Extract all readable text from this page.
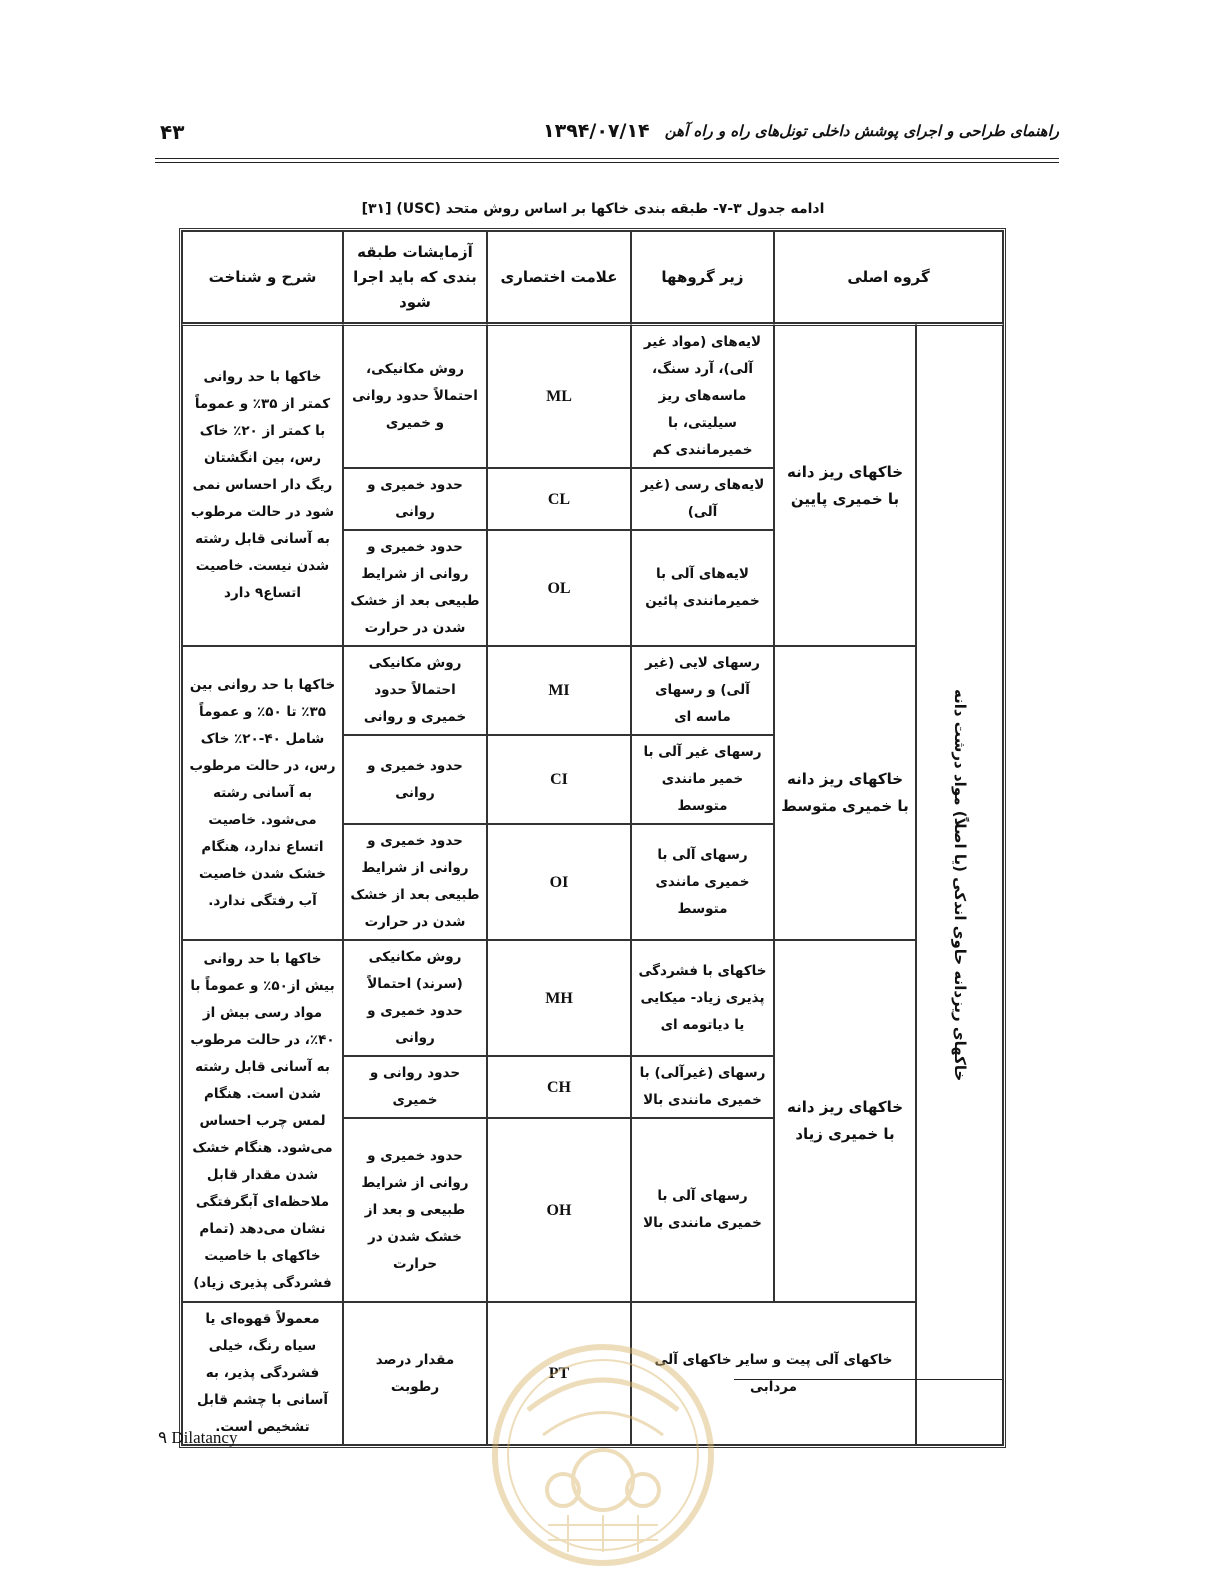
۴۳	۱۳۹۴/۰۷/۱۴ راهنمای طراحی و اجرای پوشش داخلی تونل‌های راه و راه آهن
ادامه جدول ۳-۷- طبقه بندی خاکها بر اساس روش متحد (USC) [۳۱]
گروه اصلی		زیر گروهها	علامت اختصاری	آزمایشات طبقه بندی که باید اجرا شود	شرح و شناخت

خاکهای ریزدانه حاوی اندکی (یا اصلاً) مواد درشت دانه	خاکهای ریز دانه با خمیری پایین	لایه‌های (مواد غیر آلی)، آرد سنگ، ماسه‌های ریز سیلیتی، با خمیرمانندی کم	ML	روش مکانیکی، احتمالاً حدود روانی و خمیری	خاکها با حد روانی کمتر از ۳۵٪ و عموماً با کمتر از ۲۰٪ خاک رس، بین انگشتان ریگ دار احساس نمی شود در حالت مرطوب به آسانی قابل رشته شدن نیست. خاصیت اتساع۹ دارد
		لایه‌های رسی (غیر آلی)	CL	حدود خمیری و روانی	
		لایه‌های آلی با خمیرمانندی پائین	OL	حدود خمیری و روانی از شرایط طبیعی بعد از خشک شدن در حرارت	
	خاکهای ریز دانه با خمیری متوسط	رسهای لایی (غیر آلی) و رسهای ماسه ای	MI	روش مکانیکی احتمالاً حدود خمیری و روانی	خاکها با حد روانی بین ۳۵٪ تا ۵۰٪ و عموماً شامل ۴۰-۲۰٪ خاک رس، در حالت مرطوب به آسانی رشته می‌شود. خاصیت اتساع ندارد، هنگام خشک شدن خاصیت آب رفتگی ندارد.
		رسهای غیر آلی با خمیر مانندی متوسط	CI	حدود خمیری و روانی	
		رسهای آلی با خمیری مانندی متوسط	OI	حدود خمیری و روانی از شرایط طبیعی بعد از خشک شدن در حرارت	
	خاکهای ریز دانه با خمیری زیاد	خاکهای با فشردگی پذیری زیاد- میکایی یا دیاتومه ای	MH	روش مکانیکی (سرند) احتمالاً حدود خمیری و روانی	خاکها با حد روانی بیش از۵۰٪ و عموماً با مواد رسی بیش از ۴۰٪، در حالت مرطوب به آسانی قابل رشته شدن است. هنگام لمس چرب احساس می‌شود. هنگام خشک شدن مقدار قابل ملاحظه‌ای آبگرفتگی نشان می‌دهد (تمام خاکهای با خاصیت فشردگی پذیری زیاد)
		رسهای (غیرآلی) با خمیری مانندی بالا	CH	حدود روانی و خمیری	
		رسهای آلی با خمیری مانندی بالا	OH	حدود خمیری و روانی از شرایط طبیعی و بعد از خشک شدن در حرارت	
	خاکهای آلی پیت و سایر خاکهای آلی مردابی		PT	مقدار درصد رطوبت	معمولاً قهوه‌ای یا سیاه رنگ، خیلی فشردگی پذیر، به آسانی با چشم قابل تشخیص است.
۹ Dilatancy
